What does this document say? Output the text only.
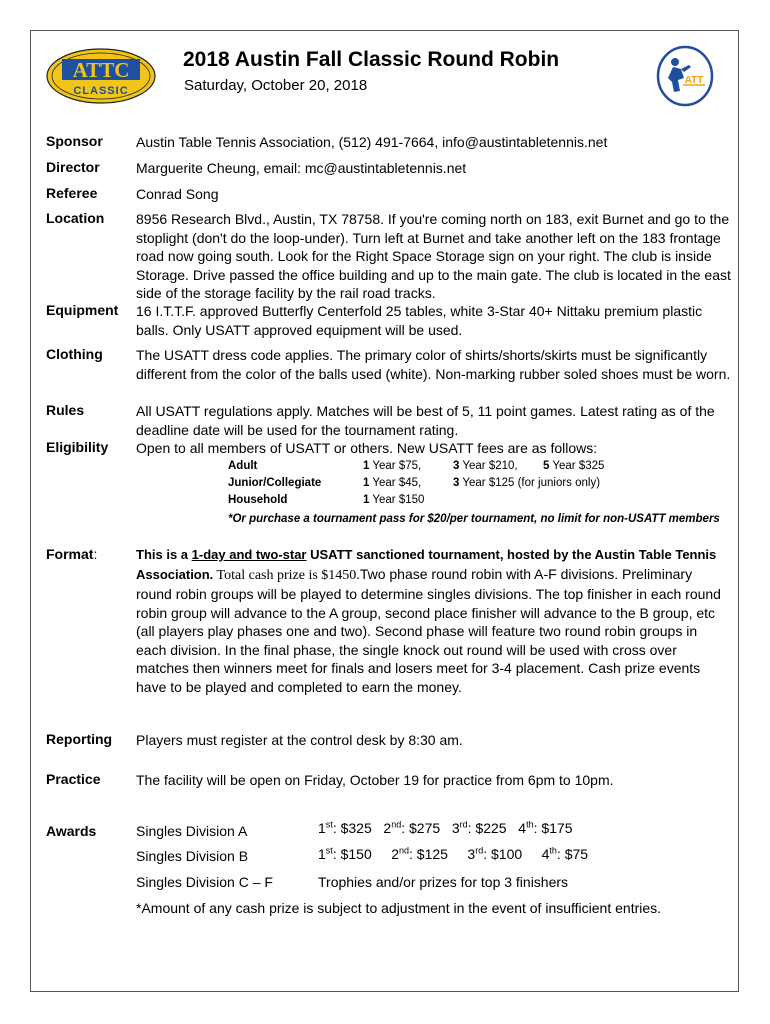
ATTC
CLASSIC
2018 Austin Fall Classic Round Robin
Saturday, October 20, 2018	ATT
Sponsor Austin Table Tennis Association, (512) 491-7664, info@austintabletennis.net
Director	Marguerite Cheung, email: mc@austintabletennis.net
Referee	Conrad Song
Location 8956 Research Blvd., Austin, TX 78758. If you're coming north on 183, exit Burnet and go to the stoplight (don't do the loop-under). Turn left at Burnet and take another left on the 183 frontage road now going south. Look for the Right Space Storage sign on your right. The club is inside Storage. Drive passed the office building and up to the main gate. The club is located in the east side of the storage facility by the rail road tracks.
Equipment 16 I.T.T.F. approved Butterfly Centerfold 25 tables, white 3-Star 40+ Nittaku premium plastic balls. Only USATT approved equipment will be used.
Clothing The USATT dress code applies. The primary color of shirts/shorts/skirts must be significantly different from the color of the balls used (white). Non-marking rubber soled shoes must be worn.
Rules	All USATT regulations apply. Matches will be best of 5, 11 point games. Latest rating as of the deadline date will be used for the tournament rating.
Eligibility Open to all members of USATT or others. New USATT fees are as follows:
Adult	1 Year $75,	3 Year $210, 5 Year $325
Junior/Collegiate	1 Year $45,	3 Year $125 (for juniors only)
Household	1 Year $150
*Or purchase a tournament pass for $20/per tournament, no limit for non-USATT members
Format:	This is a 1-day and two-star USATT sanctioned tournament, hosted by the Austin Table Tennis Association. Total cash prize is $1450.Two phase round robin with A-F divisions. Preliminary round robin groups will be played to determine singles divisions. The top finisher in each round robin group will advance to the A group, second place finisher will advance to the B group, etc (all players play phases one and two). Second phase will feature two round robin groups in each division. In the final phase, the single knock out round will be used with cross over matches then winners meet for finals and losers meet for 3-4 placement. Cash prize events have to be played and completed to earn the money.
Reporting Players must register at the control desk by 8:30 am.
Practice	The facility will be open on Friday, October 19 for practice from 6pm to 10pm.
Awards	Singles Division A	1st: $325 2nd: $275 3rd: $225 4th: $175
Singles Division B	1st: $150 2nd: $125 3rd: $100 4th: $75
Singles Division C – F	Trophies and/or prizes for top 3 finishers
*Amount of any cash prize is subject to adjustment in the event of insufficient entries.
